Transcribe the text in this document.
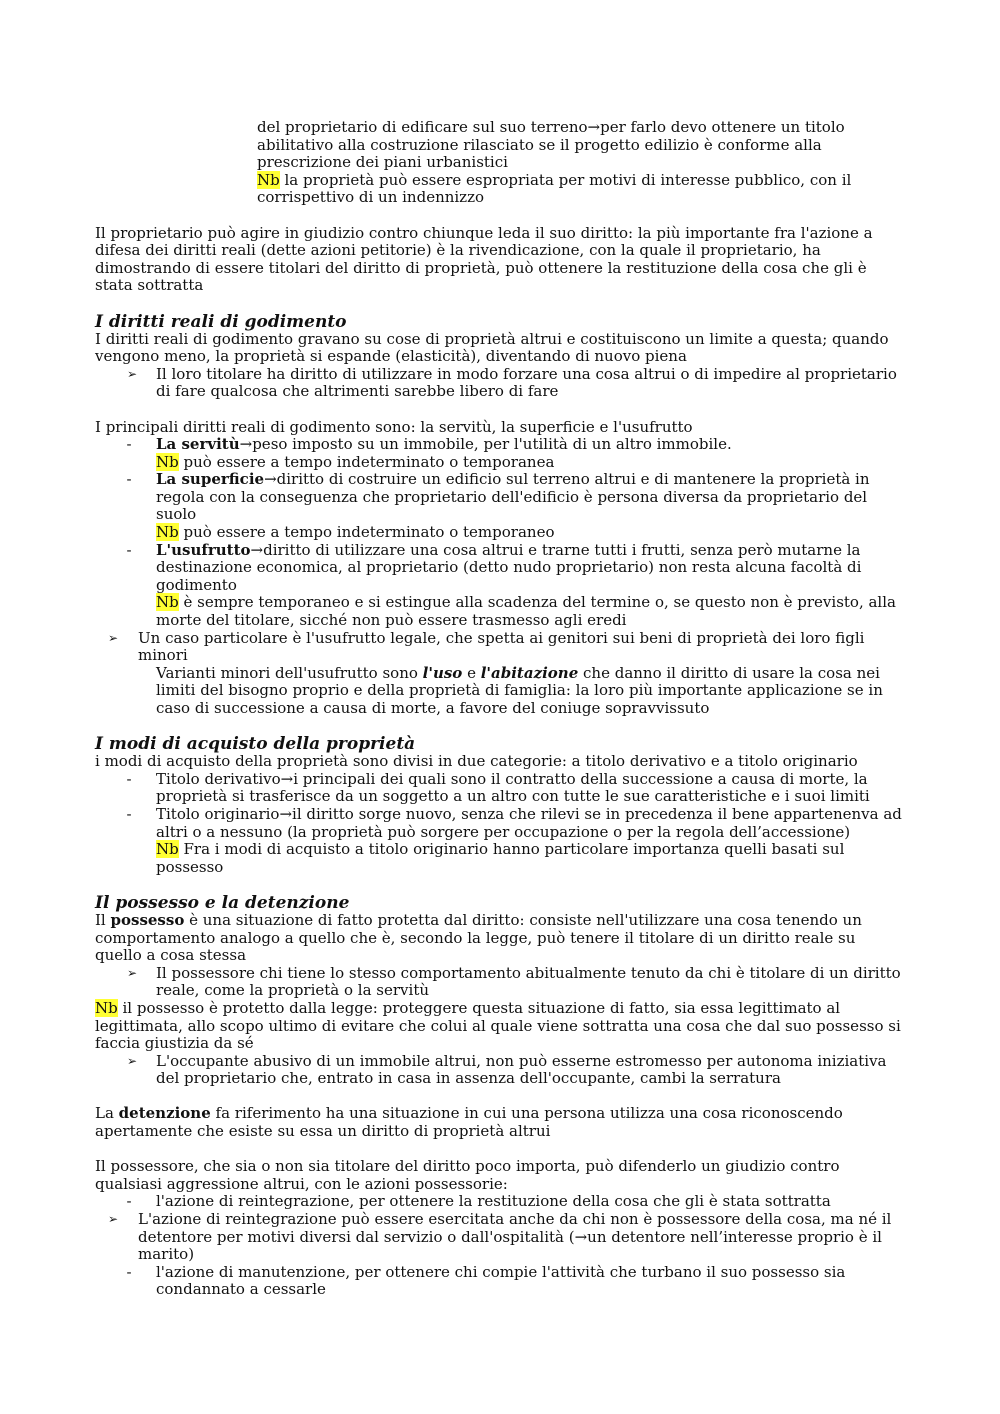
del proprietario di edificare sul suo terreno→per farlo devo ottenere un titolo abilitativo alla costruzione rilasciato se il progetto edilizio è conforme alla prescrizione dei piani urbanistici

Nb la proprietà può essere espropriata per motivi di interesse pubblico, con il corrispettivo di un indennizzo

Il proprietario può agire in giudizio contro chiunque leda il suo diritto: la più importante fra l'azione a difesa dei diritti reali (dette azioni petitorie) è la rivendicazione, con la quale il proprietario, ha dimostrando di essere titolari del diritto di proprietà, può ottenere la restituzione della cosa che gli è stata sottratta

I diritti reali di godimento

I diritti reali di godimento gravano su cose di proprietà altrui e costituiscono un limite a questa; quando vengono meno, la proprietà si espande (elasticità), diventando di nuovo piena

➢ Il loro titolare ha diritto di utilizzare in modo forzare una cosa altrui o di impedire al proprietario di fare qualcosa che altrimenti sarebbe libero di fare

I principali diritti reali di godimento sono: la servitù, la superficie e l'usufrutto

- La servitù→peso imposto su un immobile, per l'utilità di un altro immobile.

Nb può essere a tempo indeterminato o temporanea

- La superficie→diritto di costruire un edificio sul terreno altrui e di mantenere la proprietà in regola con la conseguenza che proprietario dell'edificio è persona diversa da proprietario del suolo

Nb può essere a tempo indeterminato o temporaneo

- L'usufrutto→diritto di utilizzare una cosa altrui e trarne tutti i frutti, senza però mutarne la destinazione economica, al proprietario (detto nudo proprietario) non resta alcuna facoltà di godimento

Nb è sempre temporaneo e si estingue alla scadenza del termine o, se questo non è previsto, alla morte del titolare, sicché non può essere trasmesso agli eredi

➢ Un caso particolare è l'usufrutto legale, che spetta ai genitori sui beni di proprietà dei loro figli minori

Varianti minori dell'usufrutto sono l'uso e l'abitazione che danno il diritto di usare la cosa nei limiti del bisogno proprio e della proprietà di famiglia: la loro più importante applicazione se in caso di successione a causa di morte, a favore del coniuge sopravvissuto

I modi di acquisto della proprietà

i modi di acquisto della proprietà sono divisi in due categorie: a titolo derivativo e a titolo originario

- Titolo derivativo→i principali dei quali sono il contratto della successione a causa di morte, la proprietà si trasferisce da un soggetto a un altro con tutte le sue caratteristiche e i suoi limiti

- Titolo originario→il diritto sorge nuovo, senza che rilevi se in precedenza il bene appartenenva ad altri o a nessuno (la proprietà può sorgere per occupazione o per la regola dell’accessione)

Nb Fra i modi di acquisto a titolo originario hanno particolare importanza quelli basati sul possesso

Il possesso e la detenzione

Il possesso è una situazione di fatto protetta dal diritto: consiste nell'utilizzare una cosa tenendo un comportamento analogo a quello che è, secondo la legge, può tenere il titolare di un diritto reale su quello a cosa stessa

➢ Il possessore chi tiene lo stesso comportamento abitualmente tenuto da chi è titolare di un diritto reale, come la proprietà o la servitù

Nb il possesso è protetto dalla legge: proteggere questa situazione di fatto, sia essa legittimato al legittimata, allo scopo ultimo di evitare che colui al quale viene sottratta una cosa che dal suo possesso si faccia giustizia da sé

➢ L'occupante abusivo di un immobile altrui, non può esserne estromesso per autonoma iniziativa del proprietario che, entrato in casa in assenza dell'occupante, cambi la serratura

La detenzione fa riferimento ha una situazione in cui una persona utilizza una cosa riconoscendo apertamente che esiste su essa un diritto di proprietà altrui

Il possessore, che sia o non sia titolare del diritto poco importa, può difenderlo un giudizio contro qualsiasi aggressione altrui, con le azioni possessorie:

- l'azione di reintegrazione, per ottenere la restituzione della cosa che gli è stata sottratta

➢ L'azione di reintegrazione può essere esercitata anche da chi non è possessore della cosa, ma né il detentore per motivi diversi dal servizio o dall'ospitalità (→un detentore nell’interesse proprio è il marito)
- l'azione di manutenzione, per ottenere chi compie l'attività che turbano il suo possesso sia condannato a cessarle
